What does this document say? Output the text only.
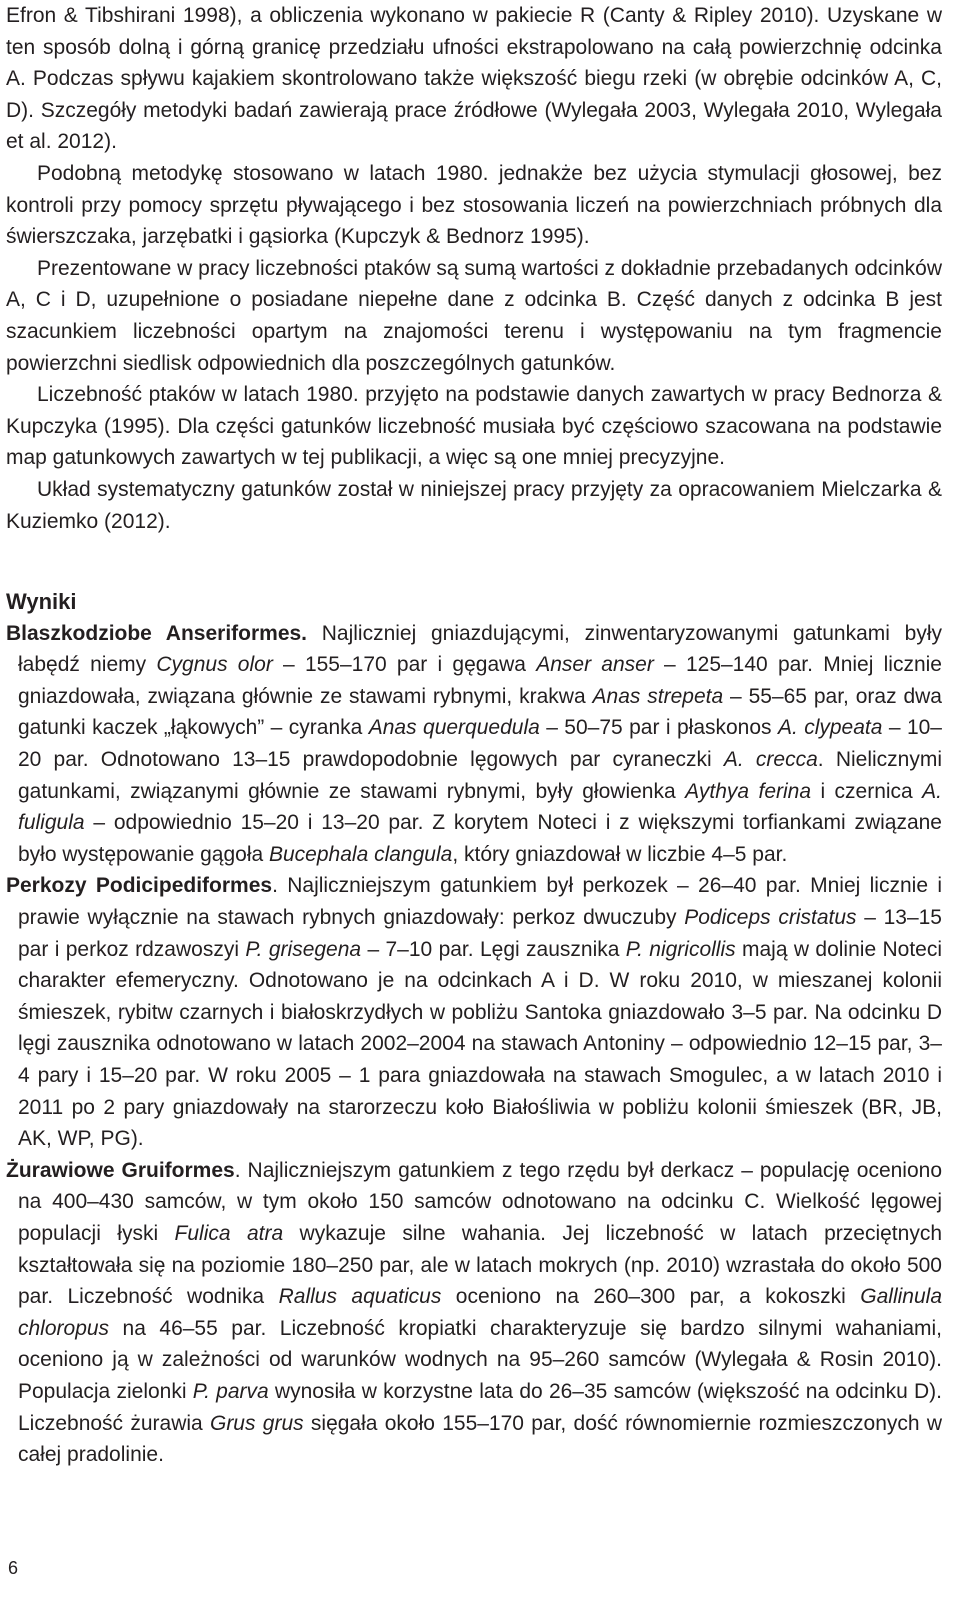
Efron & Tibshirani 1998), a obliczenia wykonano w pakiecie R (Canty & Ripley 2010). Uzyskane w ten sposób dolną i górną granicę przedziału ufności ekstrapolowano na całą powierzchnię odcinka A. Podczas spływu kajakiem skontrolowano także większość biegu rzeki (w obrębie odcinków A, C, D). Szczegóły metodyki badań zawierają prace źródłowe (Wylegała 2003, Wylegała 2010, Wylegała et al. 2012).

Podobną metodykę stosowano w latach 1980. jednakże bez użycia stymulacji głosowej, bez kontroli przy pomocy sprzętu pływającego i bez stosowania liczeń na powierzchniach próbnych dla świerszczaka, jarzębatki i gąsiorka (Kupczyk & Bednorz 1995).

Prezentowane w pracy liczebności ptaków są sumą wartości z dokładnie przebadanych odcinków A, C i D, uzupełnione o posiadane niepełne dane z odcinka B. Część danych z odcinka B jest szacunkiem liczebności opartym na znajomości terenu i występowaniu na tym fragmencie powierzchni siedlisk odpowiednich dla poszczególnych gatunków.

Liczebność ptaków w latach 1980. przyjęto na podstawie danych zawartych w pracy Bednorza & Kupczyka (1995). Dla części gatunków liczebność musiała być częściowo szacowana na podstawie map gatunkowych zawartych w tej publikacji, a więc są one mniej precyzyjne.

Układ systematyczny gatunków został w niniejszej pracy przyjęty za opracowaniem Mielczarka & Kuziemko (2012).

Wyniki

Blaszkodziobe Anseriformes. Najliczniej gniazdującymi, zinwentaryzowanymi gatunkami były łabędź niemy Cygnus olor – 155–170 par i gęgawa Anser anser – 125–140 par. Mniej licznie gniazdowała, związana głównie ze stawami rybnymi, krakwa Anas strepeta – 55–65 par, oraz dwa gatunki kaczek „łąkowych” – cyranka Anas querquedula – 50–75 par i płaskonos A. clypeata – 10–20 par. Odnotowano 13–15 prawdopodobnie lęgowych par cyraneczki A. crecca. Nielicznymi gatunkami, związanymi głównie ze stawami rybnymi, były głowienka Aythya ferina i czernica A. fuligula – odpowiednio 15–20 i 13–20 par. Z korytem Noteci i z większymi torfiankami związane było występowanie gągoła Bucephala clangula, który gniazdował w liczbie 4–5 par.

Perkozy Podicipediformes. Najliczniejszym gatunkiem był perkozek – 26–40 par. Mniej licznie i prawie wyłącznie na stawach rybnych gniazdowały: perkoz dwuczuby Podiceps cristatus – 13–15 par i perkoz rdzawoszyi P. grisegena – 7–10 par. Lęgi zausznika P. nigricollis mają w dolinie Noteci charakter efemeryczny. Odnotowano je na odcinkach A i D. W roku 2010, w mieszanej kolonii śmieszek, rybitw czarnych i białoskrzydłych w pobliżu Santoka gniazdowało 3–5 par. Na odcinku D lęgi zausznika odnotowano w latach 2002–2004 na stawach Antoniny – odpowiednio 12–15 par, 3–4 pary i 15–20 par. W roku 2005 – 1 para gniazdowała na stawach Smogulec, a w latach 2010 i 2011 po 2 pary gniazdowały na starorzeczu koło Białośliwia w pobliżu kolonii śmieszek (BR, JB, AK, WP, PG).

Żurawiowe Gruiformes. Najliczniejszym gatunkiem z tego rzędu był derkacz – populację oceniono na 400–430 samców, w tym około 150 samców odnotowano na odcinku C. Wielkość lęgowej populacji łyski Fulica atra wykazuje silne wahania. Jej liczebność w latach przeciętnych kształtowała się na poziomie 180–250 par, ale w latach mokrych (np. 2010) wzrastała do około 500 par. Liczebność wodnika Rallus aquaticus oceniono na 260–300 par, a kokoszki Gallinula chloropus na 46–55 par. Liczebność kropiatki charakteryzuje się bardzo silnymi wahaniami, oceniono ją w zależności od warunków wodnych na 95–260 samców (Wylegała & Rosin 2010). Populacja zielonki P. parva wynosiła w korzystne lata do 26–35 samców (większość na odcinku D). Liczebność żurawia Grus grus sięgała około 155–170 par, dość równomiernie rozmieszczonych w całej pradolinie.

6
